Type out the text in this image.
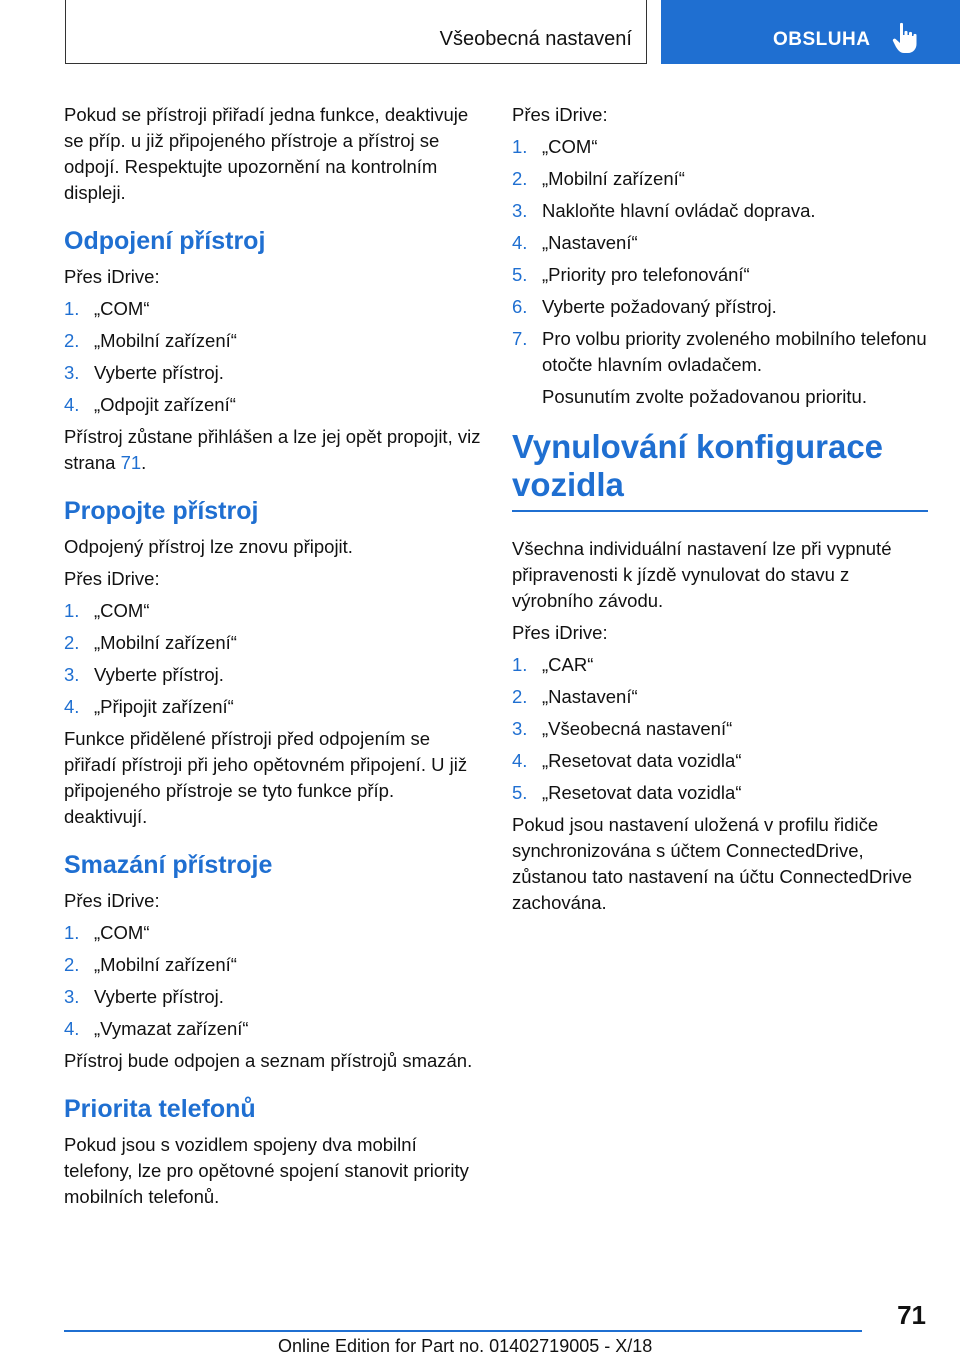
Všeobecná nastavení	OBSLUHA

Pokud se přístroji přiřadí jedna funkce, deaktivuje se příp. u již připojeného přístroje a přístroj se odpojí. Respektujte upozornění na kontrolním displeji.

Odpojení přístroj

Přes iDrive:

1. „COM“
2. „Mobilní zařízení“
3. Vyberte přístroj.
4. „Odpojit zařízení“

Přístroj zůstane přihlášen a lze jej opět propojit, viz strana 71.

Propojte přístroj

Odpojený přístroj lze znovu připojit.

Přes iDrive:

1. „COM“
2. „Mobilní zařízení“
3. Vyberte přístroj.
4. „Připojit zařízení“

Funkce přidělené přístroji před odpojením se přiřadí přístroji při jeho opětovném připojení. U již připojeného přístroje se tyto funkce příp. deaktivují.

Smazání přístroje

Přes iDrive:

1. „COM“
2. „Mobilní zařízení“
3. Vyberte přístroj.
4. „Vymazat zařízení“

Přístroj bude odpojen a seznam přístrojů smazán.

Priorita telefonů

Pokud jsou s vozidlem spojeny dva mobilní telefony, lze pro opětovné spojení stanovit priority mobilních telefonů.

Přes iDrive:

1. „COM“
2. „Mobilní zařízení“
3. Nakloňte hlavní ovládač doprava.
4. „Nastavení“
5. „Priority pro telefonování“
6. Vyberte požadovaný přístroj.
7. Pro volbu priority zvoleného mobilního telefonu otočte hlavním ovladačem.

Posunutím zvolte požadovanou prioritu.

Vynulování konfigurace vozidla

Všechna individuální nastavení lze při vypnuté připravenosti k jízdě vynulovat do stavu z výrobního závodu.

Přes iDrive:

1. „CAR“
2. „Nastavení“
3. „Všeobecná nastavení“
4. „Resetovat data vozidla“
5. „Resetovat data vozidla“

Pokud jsou nastavení uložená v profilu řidiče synchronizována s účtem ConnectedDrive, zůstanou tato nastavení na účtu ConnectedDrive zachována.

71
Online Edition for Part no. 01402719005 - X/18
